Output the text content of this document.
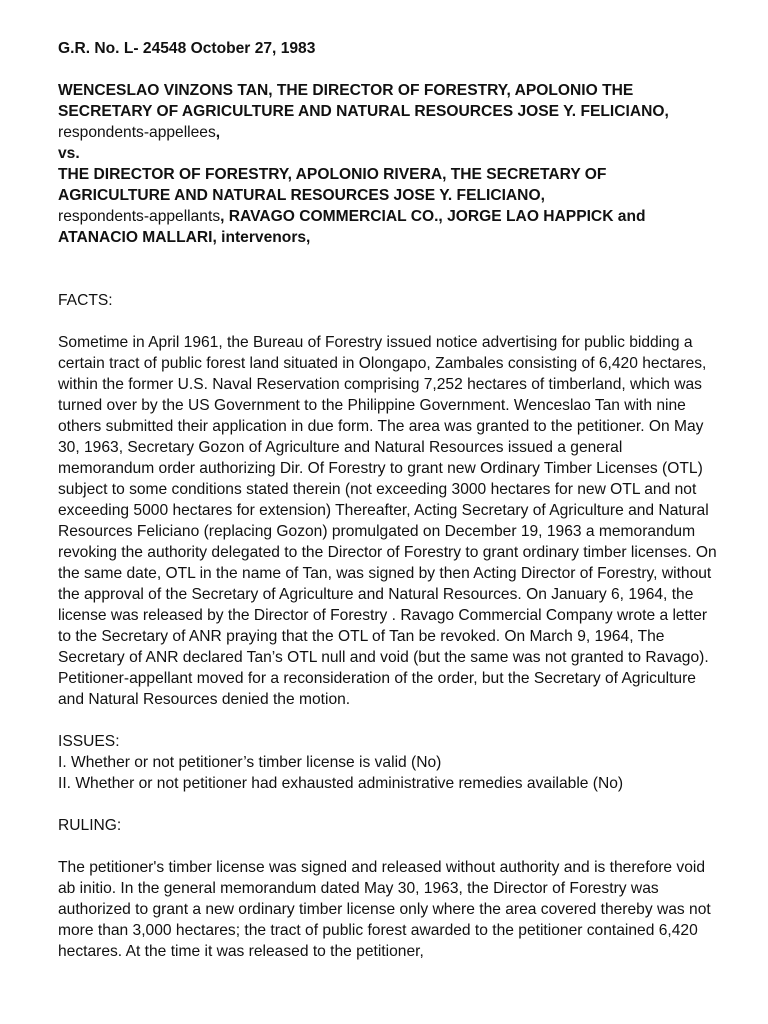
G.R. No. L- 24548 October 27, 1983

WENCESLAO VINZONS TAN, THE DIRECTOR OF FORESTRY, APOLONIO THE SECRETARY OF AGRICULTURE AND NATURAL RESOURCES JOSE Y. FELICIANO, respondents-appellees,
vs.
THE DIRECTOR OF FORESTRY, APOLONIO RIVERA, THE SECRETARY OF AGRICULTURE AND NATURAL RESOURCES JOSE Y. FELICIANO,
respondents-appellants, RAVAGO COMMERCIAL CO., JORGE LAO HAPPICK and ATANACIO MALLARI, intervenors,

FACTS:

Sometime in April 1961, the Bureau of Forestry issued notice advertising for public bidding a certain tract of public forest land situated in Olongapo, Zambales consisting of 6,420 hectares, within the former U.S. Naval Reservation comprising 7,252 hectares of timberland, which was turned over by the US Government to the Philippine Government. Wenceslao Tan with nine others submitted their application in due form. The area was granted to the petitioner. On May 30, 1963, Secretary Gozon of Agriculture and Natural Resources issued a general memorandum order authorizing Dir. Of Forestry to grant new Ordinary Timber Licenses (OTL) subject to some conditions stated therein (not exceeding 3000 hectares for new OTL and not exceeding 5000 hectares for extension) Thereafter, Acting Secretary of Agriculture and Natural Resources Feliciano (replacing Gozon) promulgated on December 19, 1963 a memorandum revoking the authority delegated to the Director of Forestry to grant ordinary timber licenses. On the same date, OTL in the name of Tan, was signed by then Acting Director of Forestry, without the approval of the Secretary of Agriculture and Natural Resources. On January 6, 1964, the license was released by the Director of Forestry . Ravago Commercial Company wrote a letter to the Secretary of ANR praying that the OTL of Tan be revoked. On March 9, 1964, The Secretary of ANR declared Tan’s OTL null and void (but the same was not granted to Ravago). Petitioner-appellant moved for a reconsideration of the order, but the Secretary of Agriculture and Natural Resources denied the motion.

ISSUES:

I. Whether or not petitioner’s timber license is valid (No)
II. Whether or not petitioner had exhausted administrative remedies available (No)

RULING:

The petitioner's timber license was signed and released without authority and is therefore void ab initio. In the general memorandum dated May 30, 1963, the Director of Forestry was authorized to grant a new ordinary timber license only where the area covered thereby was not more than 3,000 hectares; the tract of public forest awarded to the petitioner contained 6,420 hectares. At the time it was released to the petitioner,
